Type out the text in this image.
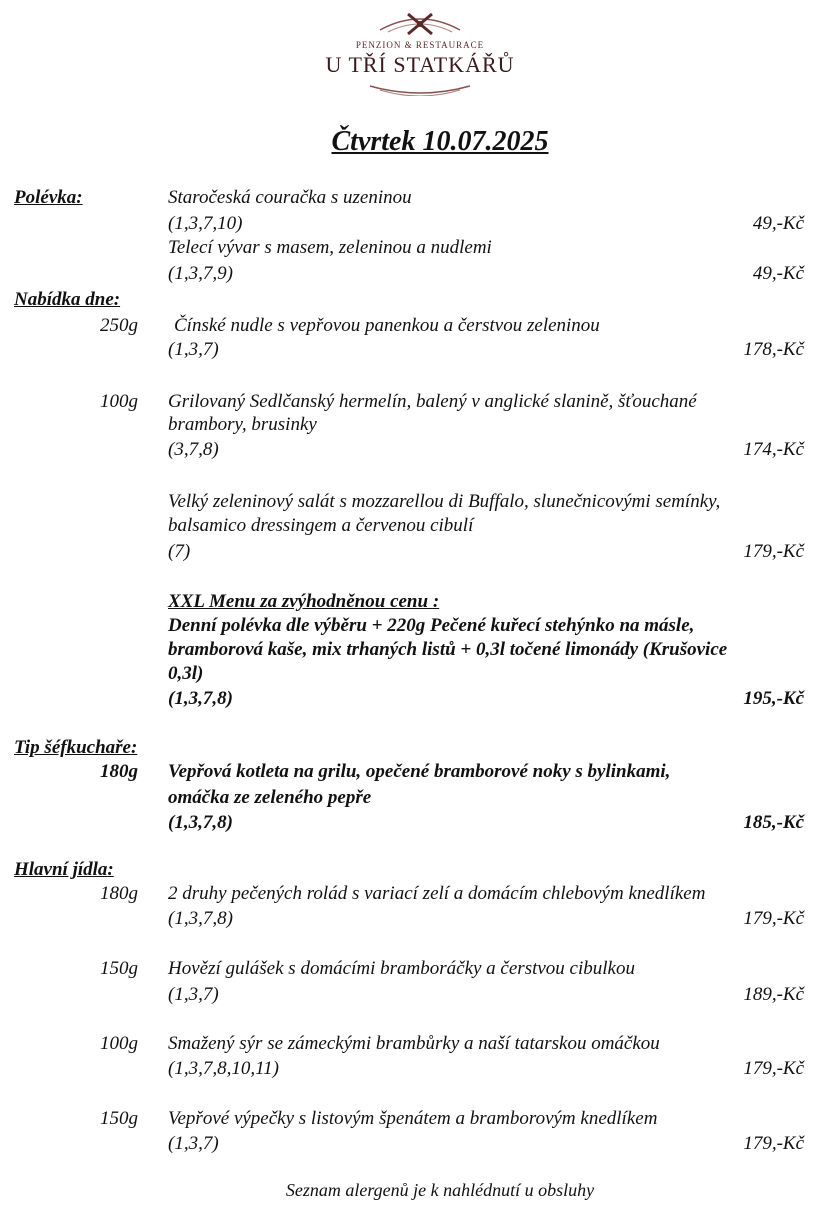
PENZION & RESTAURACE
U TŘÍ STATKÁŘŮ
Čtvrtek 10.07.2025
Polévka:	Staročeská couračka s uzeninou
(1,3,7,10)	49,-Kč
Telecí vývar s masem, zeleninou a nudlemi
(1,3,7,9)	49,-Kč
Nabídka dne:
250g Čínské nudle s vepřovou panenkou a čerstvou zeleninou
(1,3,7)	178,-Kč
100g Grilovaný Sedlčanský hermelín, balený v anglické slanině, šťouchané
brambory, brusinky
(3,7,8)	174,-Kč
Velký zeleninový salát s mozzarellou di Buffalo, slunečnicovými semínky,
balsamico dressingem a červenou cibulí
(7)	179,-Kč
XXL Menu za zvýhodněnou cenu :
Denní polévka dle výběru + 220g Pečené kuřecí stehýnko na másle,
bramborová kaše, mix trhaných listů + 0,3l točené limonády (Krušovice
0,3l)
(1,3,7,8)	195,-Kč
Tip šéfkuchaře:
180g Vepřová kotleta na grilu, opečené bramborové noky s bylinkami,
omáčka ze zeleného pepře
(1,3,7,8)	185,-Kč
Hlavní jídla:
180g 2 druhy pečených rolád s variací zelí a domácím chlebovým knedlíkem
(1,3,7,8)	179,-Kč
150g Hovězí gulášek s domácími bramboráčky a čerstvou cibulkou
(1,3,7)	189,-Kč
100g Smažený sýr se zámeckými brambůrky a naší tatarskou omáčkou
(1,3,7,8,10,11)	179,-Kč
150g Vepřové výpečky s listovým špenátem a bramborovým knedlíkem
(1,3,7)	179,-Kč
Seznam alergenů je k nahlédnutí u obsluhy
